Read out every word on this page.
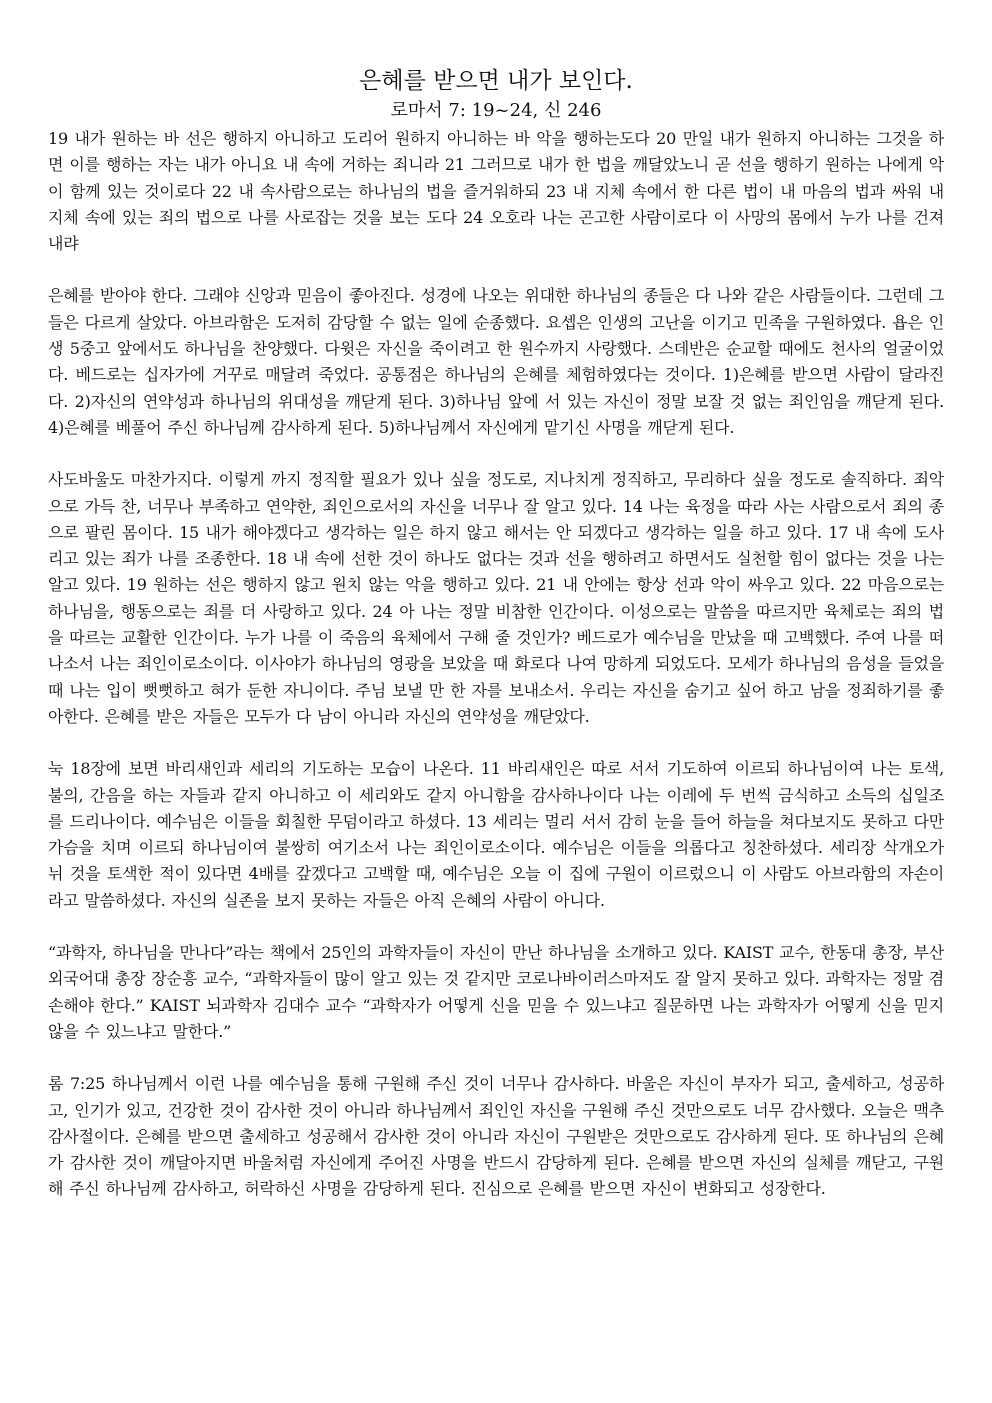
은혜를 받으면 내가 보인다.
로마서 7: 19~24, 신 246

19 내가 원하는 바 선은 행하지 아니하고 도리어 원하지 아니하는 바 악을 행하는도다 20 만일 내가 원하지 아니하는 그것을 하면 이를 행하는 자는 내가 아니요 내 속에 거하는 죄니라 21 그러므로 내가 한 법을 깨달았노니 곧 선을 행하기 원하는 나에게 악이 함께 있는 것이로다 22 내 속사람으로는 하나님의 법을 즐거워하되 23 내 지체 속에서 한 다른 법이 내 마음의 법과 싸워 내 지체 속에 있는 죄의 법으로 나를 사로잡는 것을 보는 도다 24 오호라 나는 곤고한 사람이로다 이 사망의 몸에서 누가 나를 건져내랴

은혜를 받아야 한다. 그래야 신앙과 믿음이 좋아진다. 성경에 나오는 위대한 하나님의 종들은 다 나와 같은 사람들이다. 그런데 그들은 다르게 살았다. 아브라함은 도저히 감당할 수 없는 일에 순종했다. 요셉은 인생의 고난을 이기고 민족을 구원하였다. 욥은 인생 5중고 앞에서도 하나님을 찬양했다. 다윗은 자신을 죽이려고 한 원수까지 사랑했다. 스데반은 순교할 때에도 천사의 얼굴이었다. 베드로는 십자가에 거꾸로 매달려 죽었다. 공통점은 하나님의 은혜를 체험하였다는 것이다. 1)은혜를 받으면 사람이 달라진다. 2)자신의 연약성과 하나님의 위대성을 깨닫게 된다. 3)하나님 앞에 서 있는 자신이 정말 보잘 것 없는 죄인임을 깨닫게 된다. 4)은혜를 베풀어 주신 하나님께 감사하게 된다. 5)하나님께서 자신에게 맡기신 사명을 깨닫게 된다.

사도바울도 마찬가지다. 이렇게 까지 정직할 필요가 있나 싶을 정도로, 지나치게 정직하고, 무리하다 싶을 정도로 솔직하다. 죄악으로 가득 찬, 너무나 부족하고 연약한, 죄인으로서의 자신을 너무나 잘 알고 있다. 14 나는 육정을 따라 사는 사람으로서 죄의 종으로 팔린 몸이다. 15 내가 해야겠다고 생각하는 일은 하지 않고 해서는 안 되겠다고 생각하는 일을 하고 있다. 17 내 속에 도사리고 있는 죄가 나를 조종한다. 18 내 속에 선한 것이 하나도 없다는 것과 선을 행하려고 하면서도 실천할 힘이 없다는 것을 나는 알고 있다. 19 원하는 선은 행하지 않고 원치 않는 악을 행하고 있다. 21 내 안에는 항상 선과 악이 싸우고 있다. 22 마음으로는 하나님을, 행동으로는 죄를 더 사랑하고 있다. 24 아 나는 정말 비참한 인간이다. 이성으로는 말씀을 따르지만 육체로는 죄의 법을 따르는 교활한 인간이다. 누가 나를 이 죽음의 육체에서 구해 줄 것인가? 베드로가 예수님을 만났을 때 고백했다. 주여 나를 떠나소서 나는 죄인이로소이다. 이사야가 하나님의 영광을 보았을 때 화로다 나여 망하게 되었도다. 모세가 하나님의 음성을 들었을 때 나는 입이 뻣뻣하고 혀가 둔한 자니이다. 주님 보낼 만 한 자를 보내소서. 우리는 자신을 숨기고 싶어 하고 남을 정죄하기를 좋아한다. 은혜를 받은 자들은 모두가 다 남이 아니라 자신의 연약성을 깨닫았다.

눅 18장에 보면 바리새인과 세리의 기도하는 모습이 나온다. 11 바리새인은 따로 서서 기도하여 이르되 하나님이여 나는 토색, 불의, 간음을 하는 자들과 같지 아니하고 이 세리와도 같지 아니함을 감사하나이다 나는 이레에 두 번씩 금식하고 소득의 십일조를 드리나이다. 예수님은 이들을 회칠한 무덤이라고 하셨다. 13 세리는 멀리 서서 감히 눈을 들어 하늘을 쳐다보지도 못하고 다만 가슴을 치며 이르되 하나님이여 불쌍히 여기소서 나는 죄인이로소이다. 예수님은 이들을 의롭다고 칭찬하셨다. 세리장 삭개오가 뉘 것을 토색한 적이 있다면 4배를 갚겠다고 고백할 때, 예수님은 오늘 이 집에 구원이 이르렀으니 이 사람도 아브라함의 자손이라고 말씀하셨다. 자신의 실존을 보지 못하는 자들은 아직 은혜의 사람이 아니다.

“과학자, 하나님을 만나다”라는 책에서 25인의 과학자들이 자신이 만난 하나님을 소개하고 있다. KAIST 교수, 한동대 총장, 부산외국어대 총장 장순흥 교수, “과학자들이 많이 알고 있는 것 같지만 코로나바이러스마저도 잘 알지 못하고 있다. 과학자는 정말 겸손해야 한다.” KAIST 뇌과학자 김대수 교수 “과학자가 어떻게 신을 믿을 수 있느냐고 질문하면 나는 과학자가 어떻게 신을 믿지 않을 수 있느냐고 말한다.”

롬 7:25 하나님께서 이런 나를 예수님을 통해 구원해 주신 것이 너무나 감사하다. 바울은 자신이 부자가 되고, 출세하고, 성공하고, 인기가 있고, 건강한 것이 감사한 것이 아니라 하나님께서 죄인인 자신을 구원해 주신 것만으로도 너무 감사했다. 오늘은 맥추감사절이다. 은혜를 받으면 출세하고 성공해서 감사한 것이 아니라 자신이 구원받은 것만으로도 감사하게 된다. 또 하나님의 은혜가 감사한 것이 깨달아지면 바울처럼 자신에게 주어진 사명을 반드시 감당하게 된다. 은혜를 받으면 자신의 실체를 깨닫고, 구원해 주신 하나님께 감사하고, 허락하신 사명을 감당하게 된다. 진심으로 은혜를 받으면 자신이 변화되고 성장한다.
